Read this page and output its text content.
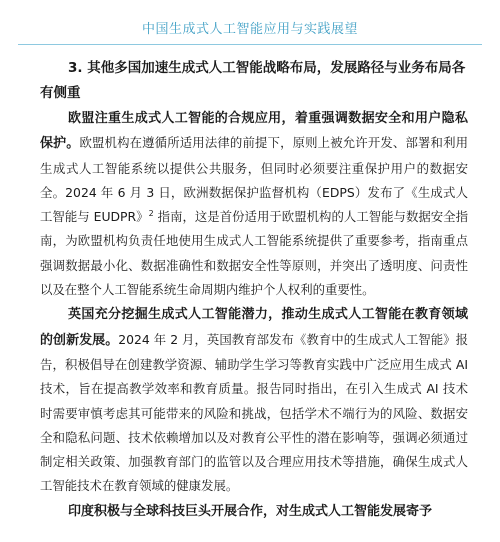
中国生成式人工智能应用与实践展望

3. 其他多国加速生成式人工智能战略布局，发展路径与业务布局各有侧重

欧盟注重生成式人工智能的合规应用，着重强调数据安全和用户隐私保护。欧盟机构在遵循所适用法律的前提下，原则上被允许开发、部署和利用生成式人工智能系统以提供公共服务，但同时必须要注重保护用户的数据安全。2024 年 6 月 3 日，欧洲数据保护监督机构（EDPS）发布了《生成式人工智能与 EUDPR》$^2$ 指南，这是首份适用于欧盟机构的人工智能与数据安全指南，为欧盟机构负责任地使用生成式人工智能系统提供了重要参考，指南重点强调数据最小化、数据准确性和数据安全性等原则，并突出了透明度、问责性以及在整个人工智能系统生命周期内维护个人权利的重要性。

英国充分挖掘生成式人工智能潜力，推动生成式人工智能在教育领域的创新发展。2024 年 2 月，英国教育部发布《教育中的生成式人工智能》报告，积极倡导在创建教学资源、辅助学生学习等教育实践中广泛应用生成式 AI 技术，旨在提高教学效率和教育质量。报告同时指出，在引入生成式 AI 技术时需要审慎考虑其可能带来的风险和挑战，包括学术不端行为的风险、数据安全和隐私问题、技术依赖增加以及对教育公平性的潜在影响等，强调必须通过制定相关政策、加强教育部门的监管以及合理应用技术等措施，确保生成式人工智能技术在教育领域的健康发展。

印度积极与全球科技巨头开展合作，对生成式人工智能发展寄予
